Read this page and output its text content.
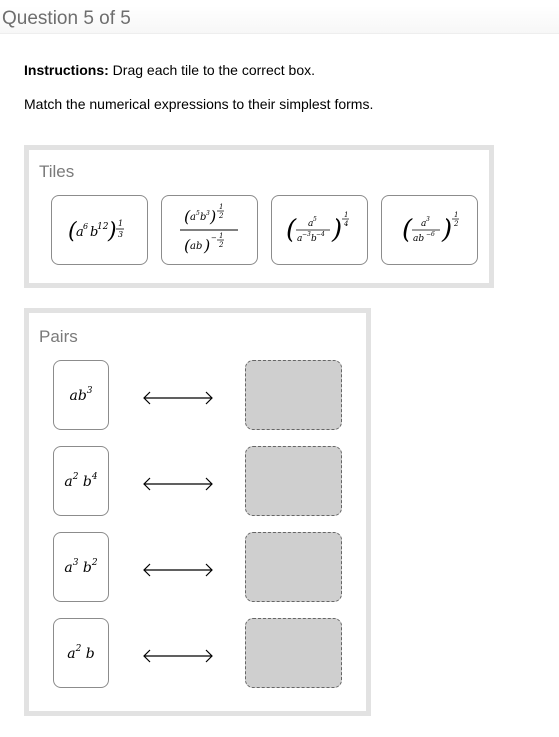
Question 5 of 5
Instructions: Drag each tile to the correct box.
Match the numerical expressions to their simplest forms.
Tiles
( a 6 b
12 ) 1
3
( a 5 b 3 ) 1
2
( ab ) − 1
2 ( a 5
a −3 b −4 ) 1
4 ( a 3
ab −6 ) 1
2
Pairs
$ab^3$
$a^2$ $b^4$
$a^3$ $b^2$
$a^2$ b
